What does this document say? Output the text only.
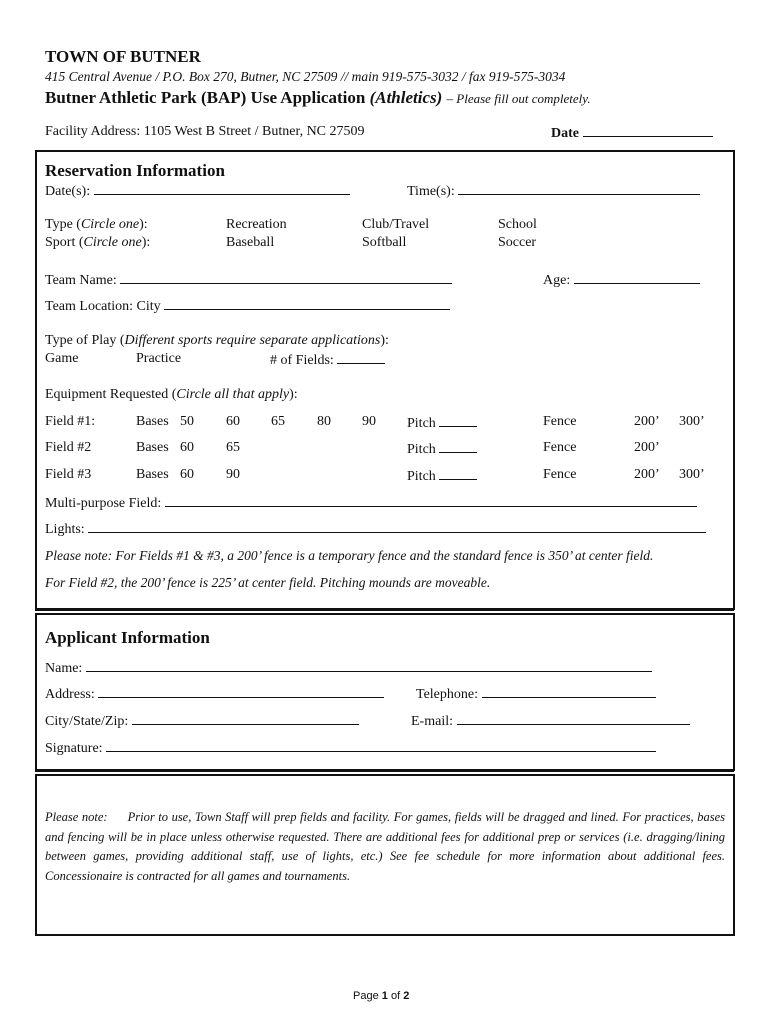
TOWN OF BUTNER
415 Central Avenue / P.O. Box 270, Butner, NC 27509 // main 919-575-3032 / fax 919-575-3034
Butner Athletic Park (BAP) Use Application (Athletics) – Please fill out completely.
Facility Address: 1105 West B Street / Butner, NC 27509	Date
Reservation Information
Date(s):	Time(s):
Type (Circle one):	Recreation	Club/Travel	School
Sport (Circle one):	Baseball	Softball	Soccer
Team Name:	Age:
Team Location: City
Type of Play (Different sports require separate applications):
Game	Practice	# of Fields:
Equipment Requested (Circle all that apply):
Field #1:	Bases 50 60 65 80 90 Pitch	Fence	200’ 300’
Field #2	Bases 60 65	Pitch	Fence	200’
Field #3	Bases 60 90	Pitch	Fence	200’ 300’
Multi-purpose Field:
Lights:
Please note: For Fields #1 & #3, a 200’ fence is a temporary fence and the standard fence is 350’ at center field.
For Field #2, the 200’ fence is 225’ at center field. Pitching mounds are moveable.
Applicant Information
Name:
Address:	Telephone:
City/State/Zip:	E-mail:
Signature:
Please note: Prior to use, Town Staff will prep fields and facility. For games, fields will be dragged and lined. For practices, bases and fencing will be in place unless otherwise requested. There are additional fees for additional prep or services (i.e. dragging/lining between games, providing additional staff, use of lights, etc.) See fee schedule for more information about additional fees. Concessionaire is contracted for all games and tournaments.
Page 1 of 2
